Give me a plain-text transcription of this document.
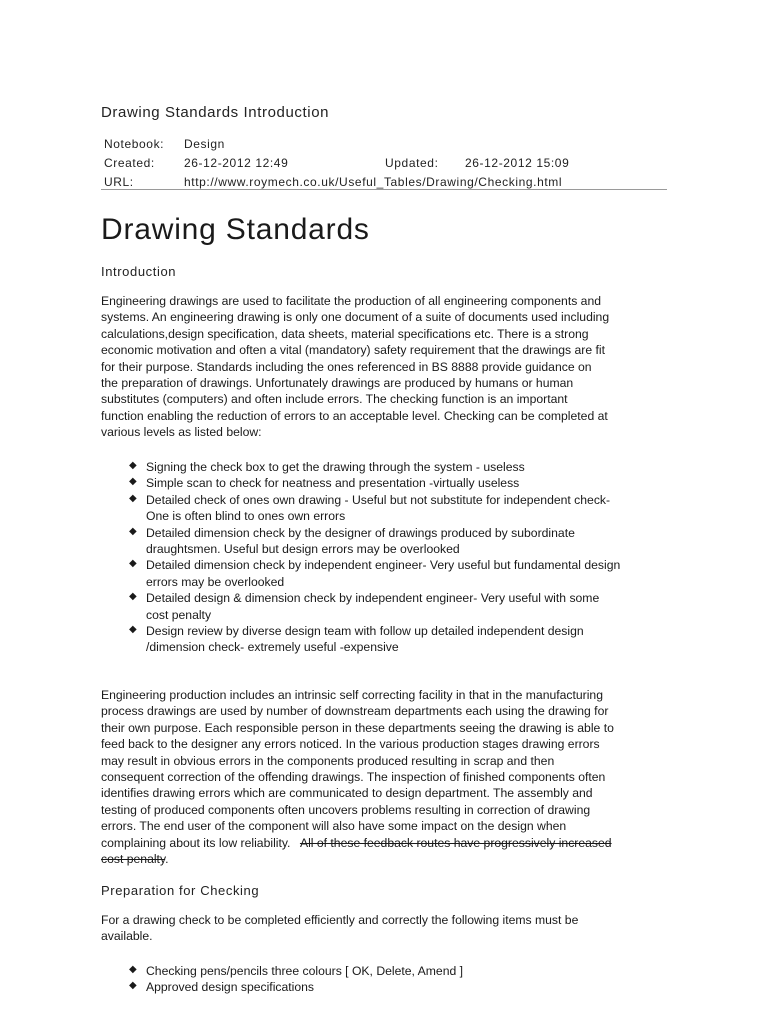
Drawing Standards Introduction
Notebook: Design
Created: 26-12-2012 12:49	Updated: 26-12-2012 15:09
URL:	http://www.roymech.co.uk/Useful_Tables/Drawing/Checking.html
Drawing Standards
Introduction

Engineering drawings are used to facilitate the production of all engineering components and

systems. An engineering drawing is only one document of a suite of documents used including

calculations,design specification, data sheets, material specifications etc. There is a strong

economic motivation and often a vital (mandatory) safety requirement that the drawings are fit

for their purpose. Standards including the ones referenced in BS 8888 provide guidance on

the preparation of drawings. Unfortunately drawings are produced by humans or human

substitutes (computers) and often include errors. The checking function is an important

function enabling the reduction of errors to an acceptable level. Checking can be completed at

various levels as listed below:

◆ Signing the check box to get the drawing through the system - useless
◆ Simple scan to check for neatness and presentation -virtually useless
◆ Detailed check of ones own drawing - Useful but not substitute for independent check-
One is often blind to ones own errors
◆ Detailed dimension check by the designer of drawings produced by subordinate
draughtsmen. Useful but design errors may be overlooked
◆ Detailed dimension check by independent engineer- Very useful but fundamental design
errors may be overlooked
◆ Detailed design & dimension check by independent engineer- Very useful with some
cost penalty
◆ Design review by diverse design team with follow up detailed independent design
/dimension check- extremely useful -expensive

Engineering production includes an intrinsic self correcting facility in that in the manufacturing

process drawings are used by number of downstream departments each using the drawing for

their own purpose. Each responsible person in these departments seeing the drawing is able to

feed back to the designer any errors noticed. In the various production stages drawing errors

may result in obvious errors in the components produced resulting in scrap and then

consequent correction of the offending drawings. The inspection of finished components often

identifies drawing errors which are communicated to design department. The assembly and

testing of produced components often uncovers problems resulting in correction of drawing

errors. The end user of the component will also have some impact on the design when

complaining about its low reliability.   All of these feedback routes have progressively increased

cost penalty.

Preparation for Checking

For a drawing check to be completed efficiently and correctly the following items must be

available.

◆ Checking pens/pencils three colours [ OK, Delete, Amend ]
◆ Approved design specifications
